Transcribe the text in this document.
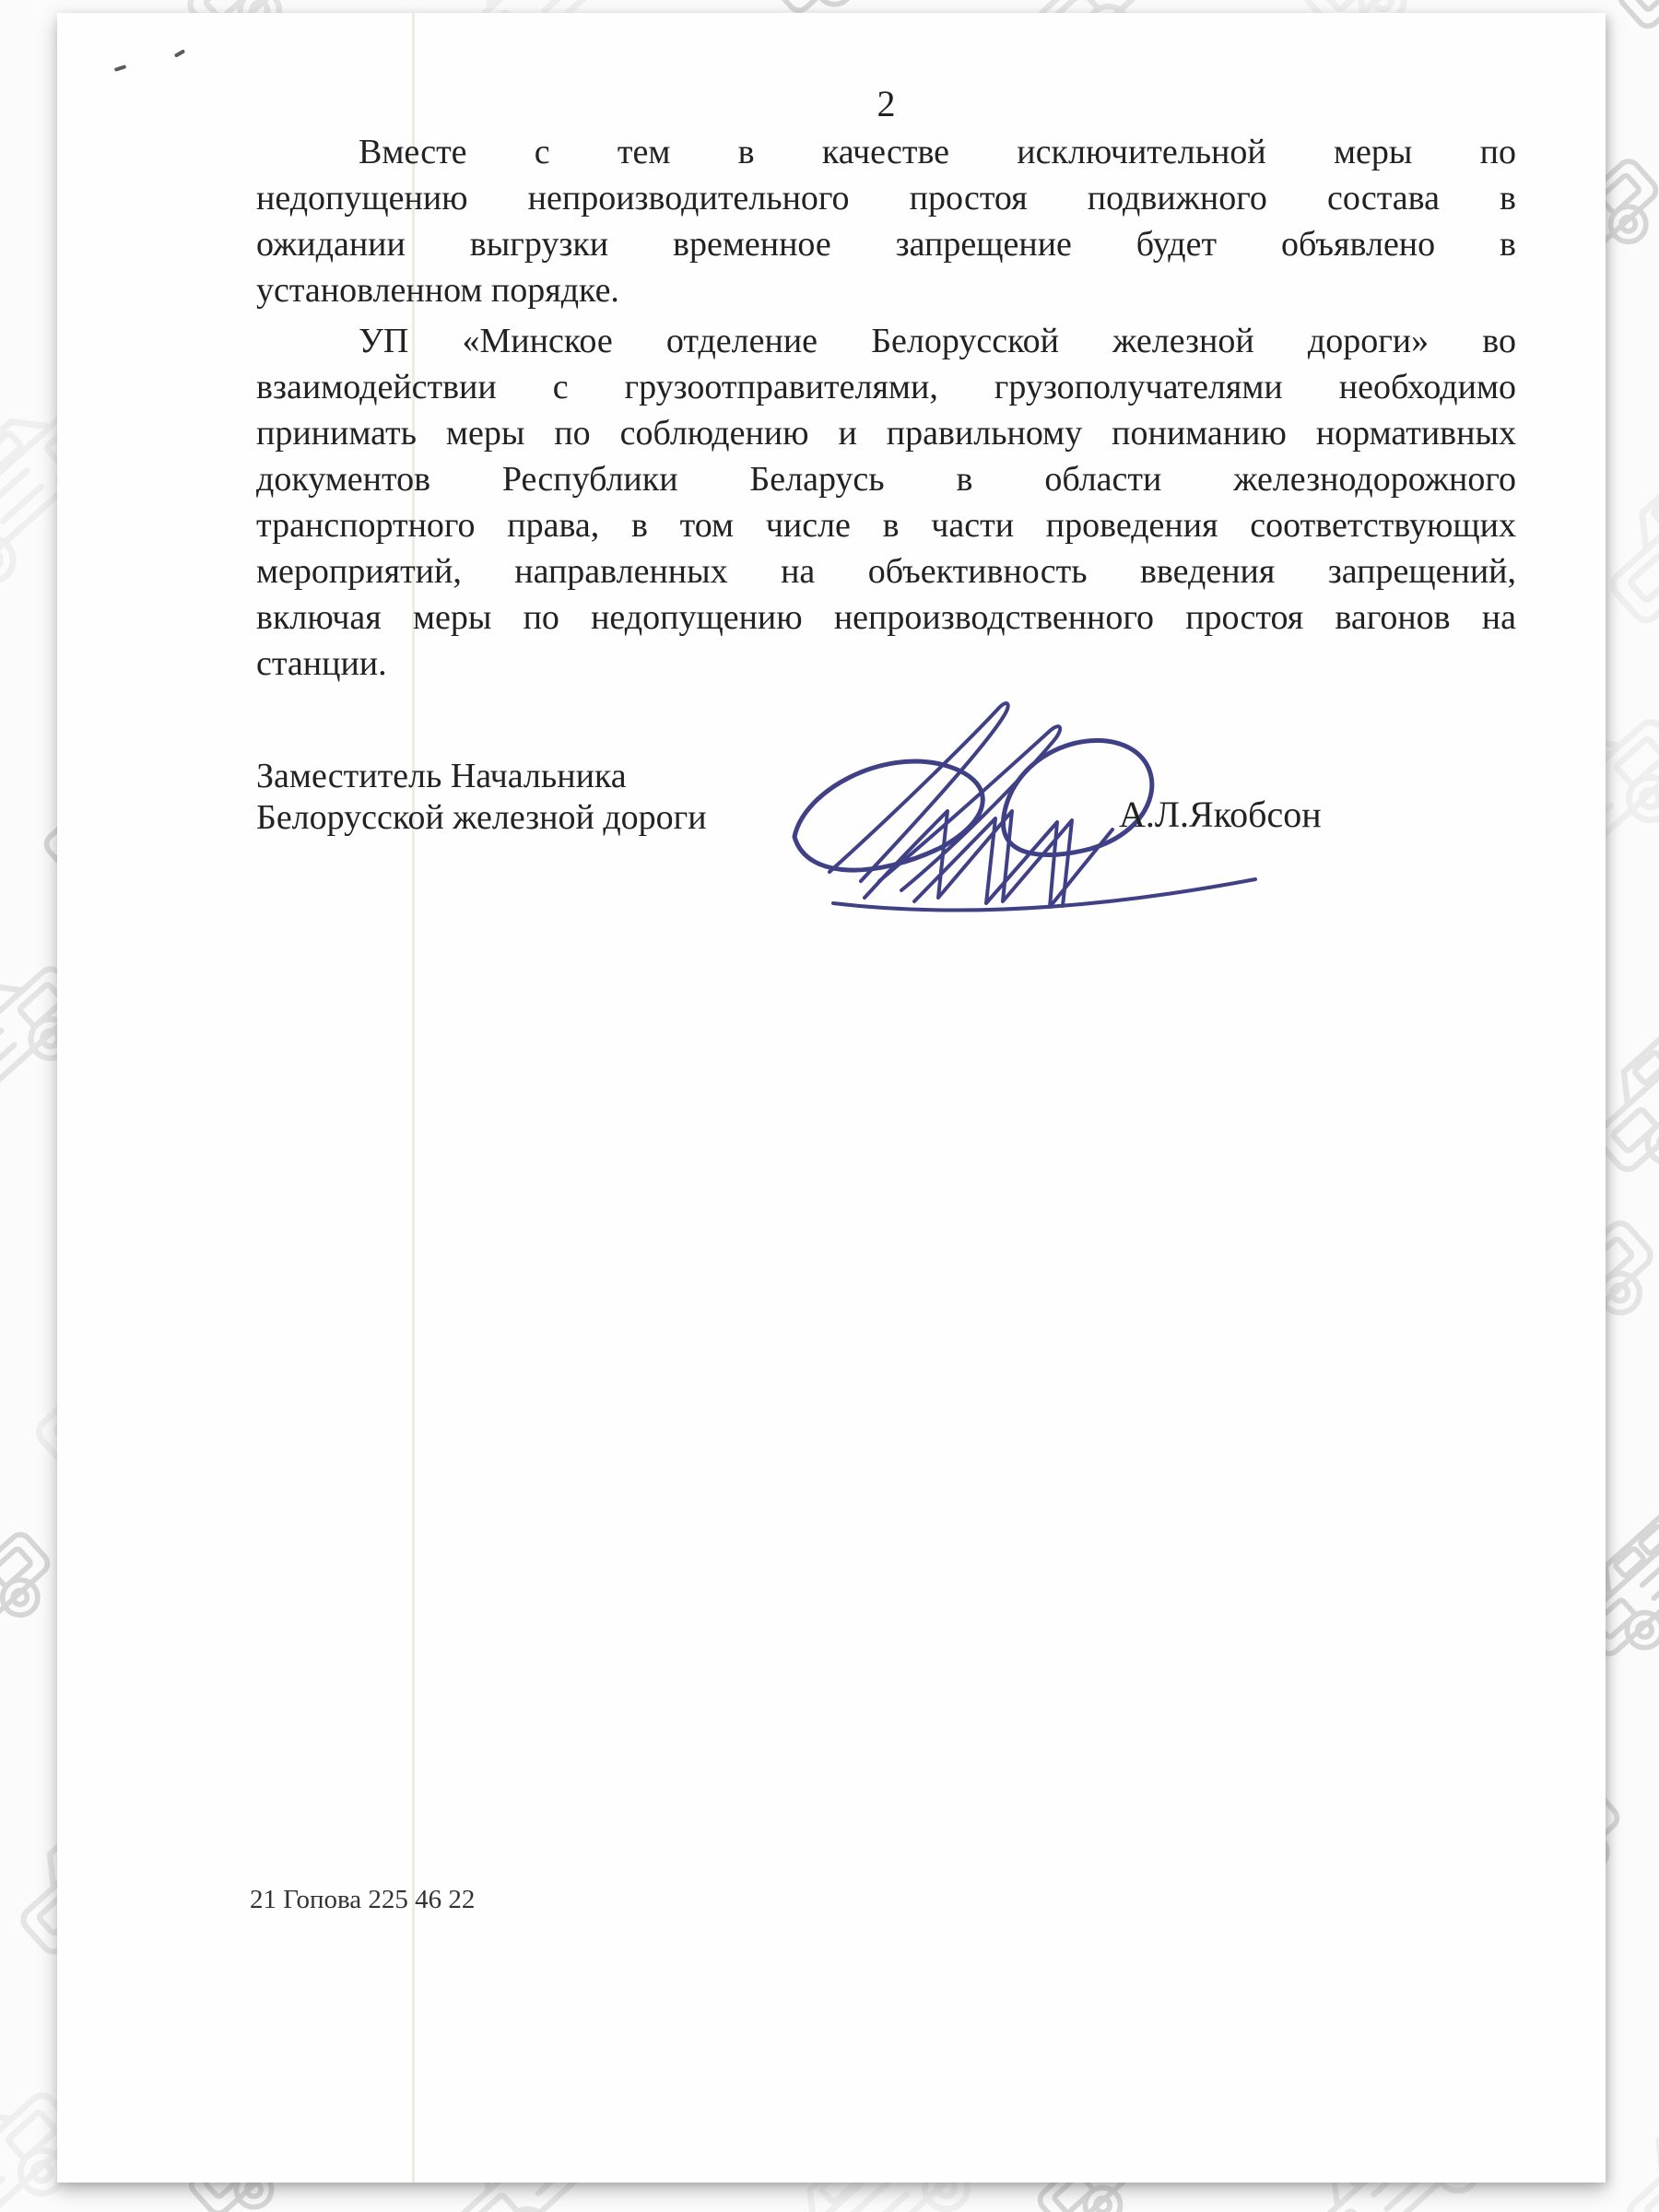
2
Вместе с тем в качестве исключительной меры по
недопущению непроизводительного простоя подвижного состава в
ожидании выгрузки временное запрещение будет объявлено в
установленном порядке.
УП «Минское отделение Белорусской железной дороги» во
взаимодействии с грузоотправителями, грузополучателями необходимо
принимать меры по соблюдению и правильному пониманию нормативных
документов Республики Беларусь в области железнодорожного
транспортного права, в том числе в части проведения соответствующих
мероприятий, направленных на объективность введения запрещений,
включая меры по недопущению непроизводственного простоя вагонов на
станции.
Заместитель Начальника
Белорусской железной дороги	А.Л.Якобсон
21 Гопова 225 46 22
